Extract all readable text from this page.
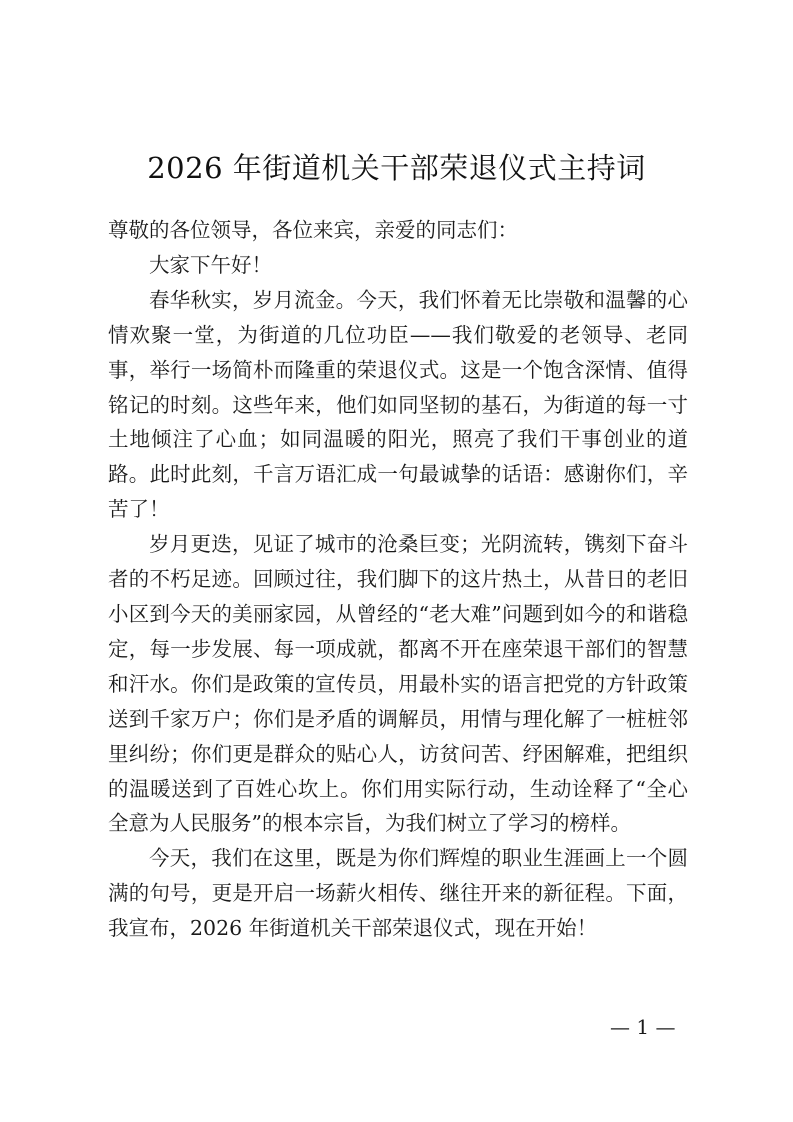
2026 年街道机关干部荣退仪式主持词

尊敬的各位领导，各位来宾，亲爱的同志们：

大家下午好！

春华秋实，岁月流金。今天，我们怀着无比崇敬和温馨的心情欢聚一堂，为街道的几位功臣——我们敬爱的老领导、老同事，举行一场简朴而隆重的荣退仪式。这是一个饱含深情、值得铭记的时刻。这些年来，他们如同坚韧的基石，为街道的每一寸土地倾注了心血；如同温暖的阳光，照亮了我们干事创业的道路。此时此刻，千言万语汇成一句最诚挚的话语：感谢你们，辛苦了！

岁月更迭，见证了城市的沧桑巨变；光阴流转，镌刻下奋斗者的不朽足迹。回顾过往，我们脚下的这片热土，从昔日的老旧小区到今天的美丽家园，从曾经的“老大难”问题到如今的和谐稳定，每一步发展、每一项成就，都离不开在座荣退干部们的智慧和汗水。你们是政策的宣传员，用最朴实的语言把党的方针政策送到千家万户；你们是矛盾的调解员，用情与理化解了一桩桩邻里纠纷；你们更是群众的贴心人，访贫问苦、纾困解难，把组织的温暖送到了百姓心坎上。你们用实际行动，生动诠释了“全心全意为人民服务”的根本宗旨，为我们树立了学习的榜样。

今天，我们在这里，既是为你们辉煌的职业生涯画上一个圆满的句号，更是开启一场薪火相传、继往开来的新征程。下面，我宣布，2026 年街道机关干部荣退仪式，现在开始！

— 1 —
